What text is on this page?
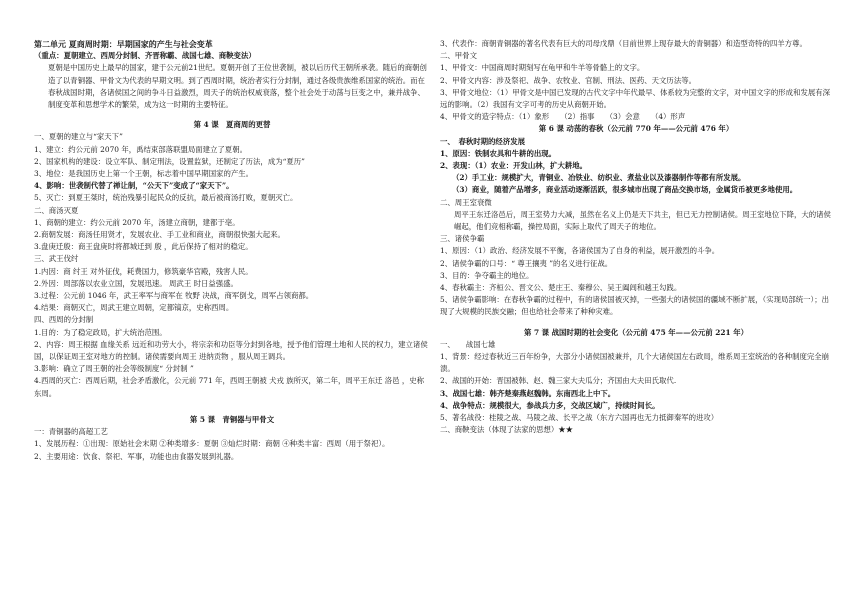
第二单元 夏商周时期：早期国家的产生与社会变革
（重点：夏朝建立、西周分封制、齐晋称霸、战国七雄、商鞅变法）
夏朝是中国历史上最早的国家，建于公元前21世纪。夏朝开创了王位世袭制，被以后历代王朝所承袭。随后的商朝创造了以青铜器、甲骨文为代表的早期文明。到了西周时期，统治者实行分封制，通过各级贵族维系国家的统治。而在春秋战国时期，各诸侯国之间的争斗日益激烈，周天子的统治权威衰落，整个社会处于动荡与巨变之中，兼并战争、制度变革和思想学术的繁荣，成为这一时期的主要特征。
第 4 课　夏商周的更替
一、夏朝的建立与“家天下”
1、建立：约公元前 2070 年，禹结束部落联盟局面建立了夏朝。
2、国家机构的建设：设立军队、制定刑法，设置监狱，还制定了历法，成为“夏历”
3、地位：是我国历史上第一个王朝，标志着中国早期国家的产生。
4、影响：世袭制代替了禅让制，“公天下”变成了“家天下”。
5、灭亡：到夏王桀时，统治残暴引起民众的反抗，最后被商汤打败，夏朝灭亡。
二、商汤灭夏
1、商朝的建立：约公元前 2070 年，汤建立商朝，建都于亳。
2.商朝发展：商汤任用贤才，发展农业、手工业和商业，商朝很快强大起来。
3.盘庚迁殷：商王盘庚时将都城迁到 殷 ，此后保持了相对的稳定。
三、武王伐纣
1.内因：商 纣王 对外征伐，耗费国力，修筑豪华宫殿，残害人民。
2.外因：周部落以农业立国，发展迅速。 周武王 时日益强盛。
3.过程：公元前 1046 年，武王率军与商军在 牧野 决战，商军倒戈，周军占领商都。
4.结果：商朝灭亡，周武王建立周朝，定都镐京，史称西周。
四、西周的分封制
1.目的：为了稳定政局，扩大统治范围。
2、内容：周王根据 血缘关系 远近和功劳大小，将宗亲和功臣等分封到各地，授予他们管理土地和人民的权力，建立诸侯国，以保证周王室对地方的控制。诸侯需要向周王 进纳贡物 ，服从周王调兵。
3.影响：确立了周王朝的社会等级制度“ 分封制 ”
4.西周的灭亡：西周后期，社会矛盾激化，公元前 771 年，西周王朝被 犬戎 族所灭，第二年，周平王东迁 洛邑 ，史称东周。
第 5 课　青铜器与甲骨文
一：青铜器的高超工艺
1、发展历程：①出现：原始社会末期 ②种类增多：夏朝 ③灿烂时期：商朝 ④种类丰富：西周（用于祭祀）。
2、主要用途：饮食、祭祀、军事，功能也由食器发展到礼器。
3、代表作：商朝青铜器的著名代表有巨大的司母戊鼎（目前世界上现存最大的青铜器）和造型奇特的四羊方尊。
二、甲骨文
1、甲骨文：中国商周时期刻写在龟甲和牛羊等骨骼上的文字。
2、甲骨文内容：涉及祭祀、战争、农牧业、官制、刑法、医药、天文历法等。
3、甲骨文地位：（1）甲骨文是中国已发现的古代文字中年代最早、体系较为完整的文字，对中国文字的形成和发展有深远的影响。（2）我国有文字可考的历史从商朝开始。
4、甲骨文的造字特点：（1）象形　　（2）指事　　（3）会意　　（4）形声
第 6 课 动荡的春秋（公元前 770 年——公元前 476 年）
一、　春秋时期的经济发展
1、原因：铁制农具和牛耕的出现。
2、表现：（1）农业：开发山林，扩大耕地。
（2）手工业：规模扩大，青铜业、冶铁业、纺织业、煮盐业以及漆器制作等都有所发展。
（3）商业，随着产品增多，商业活动逐渐活跃，很多城市出现了商品交换市场，金属货币被更多地使用。
二、周王室衰微
周平王东迁洛邑后，周王室势力大减，虽然在名义上仍是天下共主，但已无力控制诸侯。周王室地位下降，大的诸侯崛起，他们竞相称霸，操控局面，实际上取代了周天子的地位。
三、诸侯争霸
1、原因：（1）政治、经济发展不平衡，各诸侯国为了自身的利益，展开激烈的斗争。
2、诸侯争霸的口号：“ 尊王攘夷 ”的名义进行征战。
3、目的：争夺霸主的地位。
4、春秋霸主：齐桓公、晋文公、楚庄王、秦穆公、吴王阖闾和越王勾践。
5、诸侯争霸影响：在春秋争霸的过程中，有的诸侯国被灭掉，一些强大的诸侯国的疆域不断扩展，（实现局部统一）；出现了大规模的民族交融；但也给社会带来了种种灾难。
第 7 课 战国时期的社会变化（公元前 475 年——公元前 221 年）
一、　　战国七雄
1、背景：经过春秋近三百年纷争，大部分小诸侯国被兼并，几个大诸侯国左右政局，维系周王室统治的各种制度完全崩溃。
2、战国的开始：晋国被韩、赵、魏三家大夫瓜分；齐国由大夫田氏取代.
3、战国七雄：韩齐楚秦燕赵魏韩。东南西北上中下。
4、战争特点：规模很大，参战兵力多，交战区域广，持续时间长。
5、著名战役：桂陵之战、马陵之战、长平之战（东方六国再也无力抵御秦军的进攻）
二、商鞅变法（体现了法家的思想）★★
